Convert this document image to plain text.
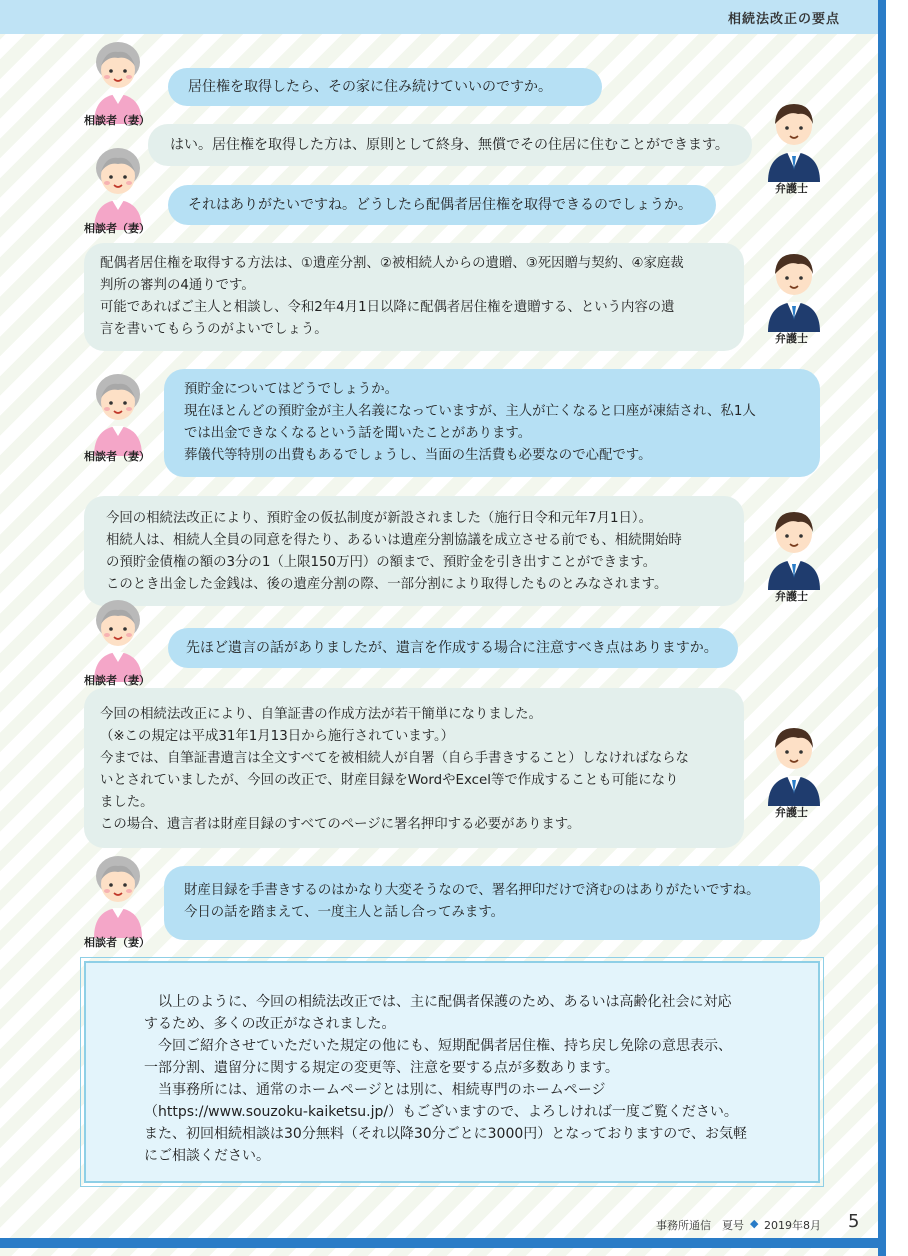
相続法改正の要点
相談者（妻）

居住権を取得したら、その家に住み続けていいのですか。

はい。居住権を取得した方は、原則として終身、無償でその住居に住むことができます。

弁護士
相談者（妻）

それはありがたいですね。どうしたら配偶者居住権を取得できるのでしょうか。

配偶者居住権を取得する方法は、①遺産分割、②被相続人からの遺贈、③死因贈与契約、④家庭裁

判所の審判の4通りです。

可能であればご主人と相談し、令和2年4月1日以降に配偶者居住権を遺贈する、という内容の遺

言を書いてもらうのがよいでしょう。

弁護士
相談者（妻）

預貯金についてはどうでしょうか。

現在ほとんどの預貯金が主人名義になっていますが、主人が亡くなると口座が凍結され、私1人

では出金できなくなるという話を聞いたことがあります。

葬儀代等特別の出費もあるでしょうし、当面の生活費も必要なので心配です。

今回の相続法改正により、預貯金の仮払制度が新設されました（施行日令和元年7月1日）。

相続人は、相続人全員の同意を得たり、あるいは遺産分割協議を成立させる前でも、相続開始時

の預貯金債権の額の3分の1（上限150万円）の額まで、預貯金を引き出すことができます。

このとき出金した金銭は、後の遺産分割の際、一部分割により取得したものとみなされます。

弁護士
相談者（妻）

先ほど遺言の話がありましたが、遺言を作成する場合に注意すべき点はありますか。

今回の相続法改正により、自筆証書の作成方法が若干簡単になりました。

（※この規定は平成31年1月13日から施行されています。）

今までは、自筆証書遺言は全文すべてを被相続人が自署（自ら手書きすること）しなければならな

いとされていましたが、今回の改正で、財産目録をWordやExcel等で作成することも可能になり

ました。

この場合、遺言者は財産目録のすべてのページに署名押印する必要があります。

弁護士
相談者（妻）

財産目録を手書きするのはかなり大変そうなので、署名押印だけで済むのはありがたいですね。

今日の話を踏まえて、一度主人と話し合ってみます。

以上のように、今回の相続法改正では、主に配偶者保護のため、あるいは高齢化社会に対応

するため、多くの改正がなされました。

今回ご紹介させていただいた規定の他にも、短期配偶者居住権、持ち戻し免除の意思表示、

一部分割、遺留分に関する規定の変更等、注意を要する点が多数あります。

当事務所には、通常のホームページとは別に、相続専門のホームページ

（https://www.souzoku-kaiketsu.jp/）もございますので、よろしければ一度ご覧ください。

また、初回相続相談は30分無料（それ以降30分ごとに3000円）となっておりますので、お気軽

にご相談ください。

事務所通信　夏号 ◆ 2019年8月 5
